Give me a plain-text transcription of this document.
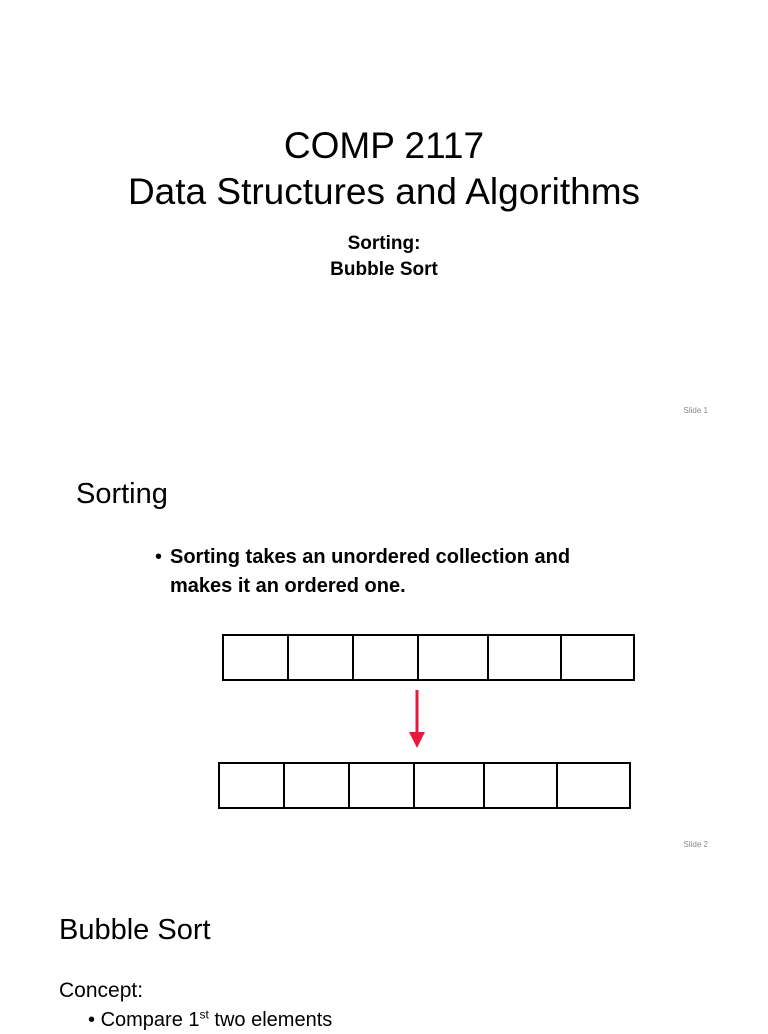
COMP 2117
Data Structures and Algorithms
Sorting:
Bubble Sort
Slide 1
Sorting
• Sorting takes an unordered collection and
makes it an ordered one.
Slide 2
Bubble Sort
Concept:
• Compare 1st two elements
